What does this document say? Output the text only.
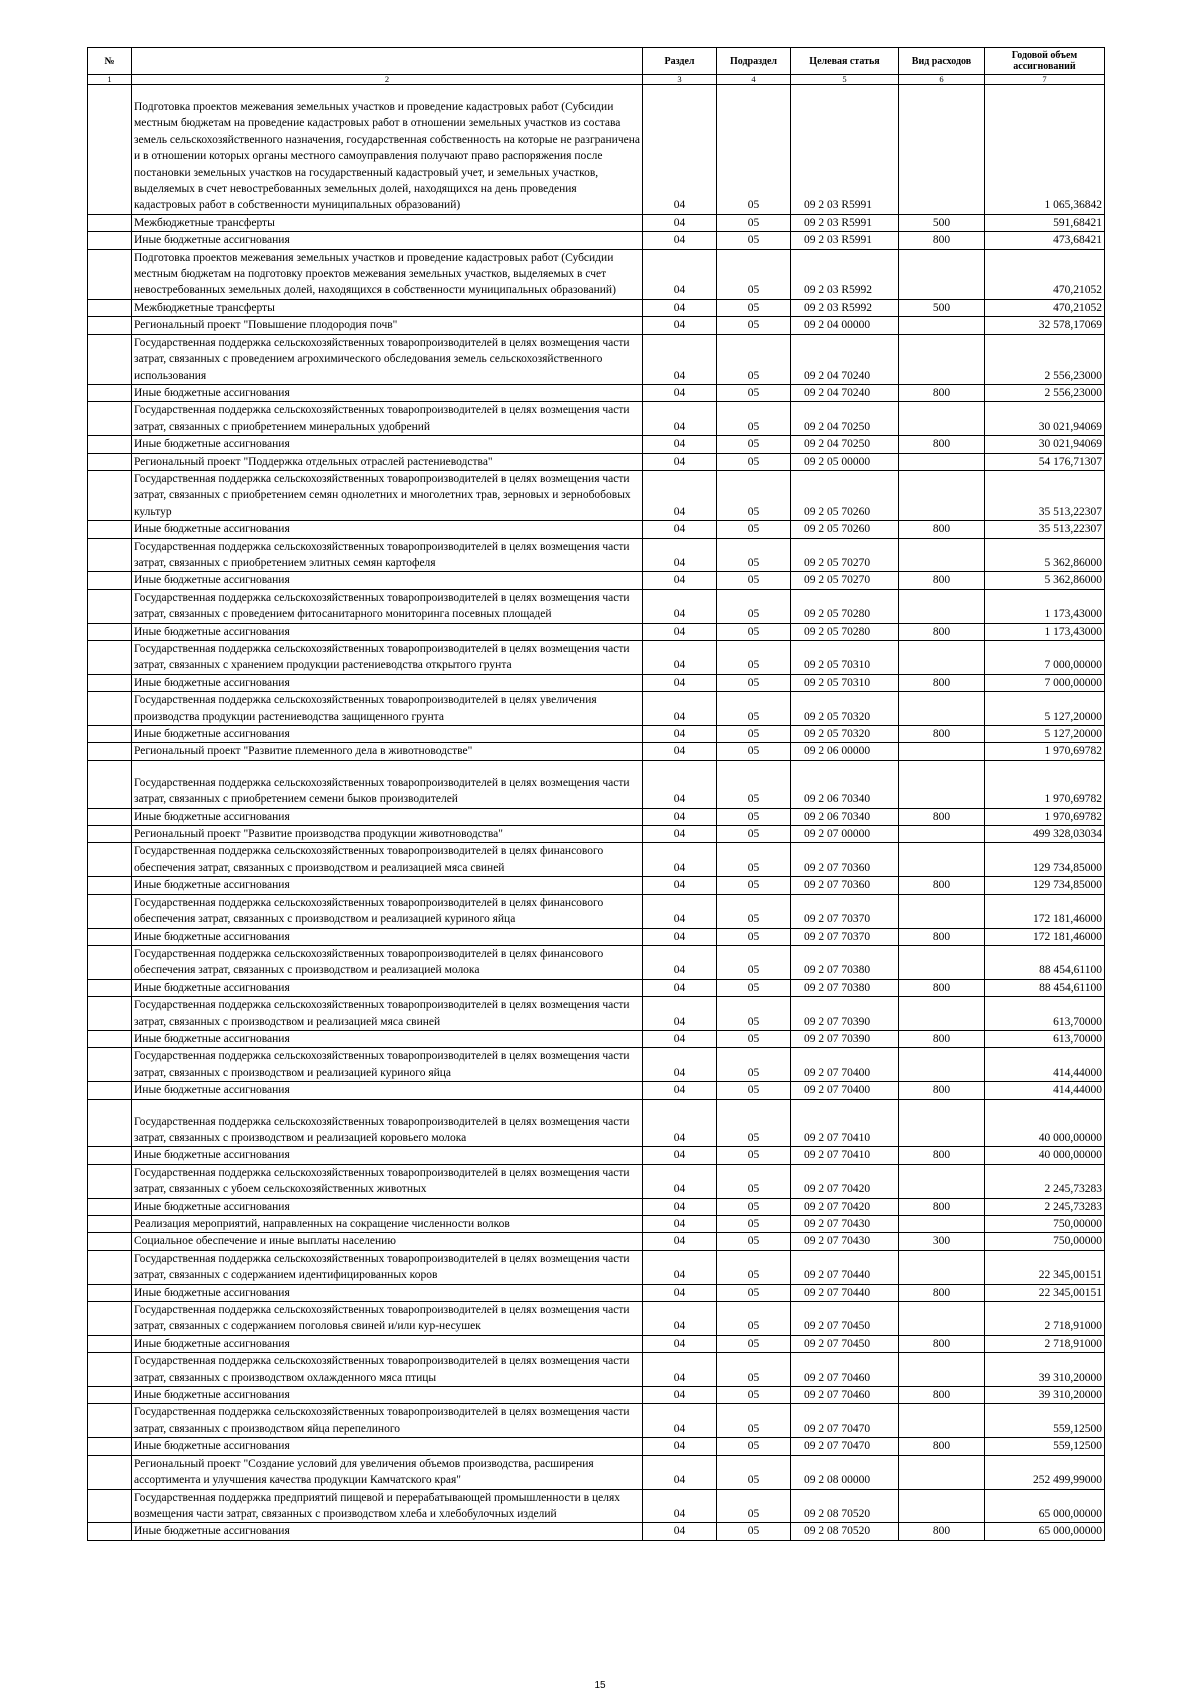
№		Раздел	Подраздел	Целевая статья	Вид расходов	Годовой объем ассигнований
1	2	3	4	5	6	7
	Подготовка проектов межевания земельных участков и проведение кадастровых работ (Субсидии местным бюджетам на проведение кадастровых работ в отношении земельных участков из состава земель сельскохозяйственного назначения, государственная собственность на которые не разграничена и в отношении которых органы местного самоуправления получают право распоряжения после постановки земельных участков на государственный кадастровый учет, и земельных участков, выделяемых в счет невостребованных земельных долей, находящихся на день проведения кадастровых работ в собственности муниципальных образований)	04	05	09 2 03 R5991		1 065,36842
	Межбюджетные трансферты	04	05	09 2 03 R5991	500	591,68421
	Иные бюджетные ассигнования	04	05	09 2 03 R5991	800	473,68421
	Подготовка проектов межевания земельных участков и проведение кадастровых работ (Субсидии местным бюджетам на подготовку проектов межевания земельных участков, выделяемых в счет невостребованных земельных долей, находящихся в собственности муниципальных образований)	04	05	09 2 03 R5992		470,21052
	Межбюджетные трансферты	04	05	09 2 03 R5992	500	470,21052
	Региональный проект "Повышение плодородия почв"	04	05	09 2 04 00000		32 578,17069
	Государственная поддержка сельскохозяйственных товаропроизводителей в целях возмещения части затрат, связанных с проведением агрохимического обследования земель сельскохозяйственного использования	04	05	09 2 04 70240		2 556,23000
	Иные бюджетные ассигнования	04	05	09 2 04 70240	800	2 556,23000
	Государственная поддержка сельскохозяйственных товаропроизводителей в целях возмещения части затрат, связанных с приобретением минеральных удобрений	04	05	09 2 04 70250		30 021,94069
	Иные бюджетные ассигнования	04	05	09 2 04 70250	800	30 021,94069
	Региональный проект "Поддержка отдельных отраслей растениеводства"	04	05	09 2 05 00000		54 176,71307
	Государственная поддержка сельскохозяйственных товаропроизводителей в целях возмещения части затрат, связанных с приобретением семян однолетних и многолетних трав, зерновых и зернобобовых культур	04	05	09 2 05 70260		35 513,22307
	Иные бюджетные ассигнования	04	05	09 2 05 70260	800	35 513,22307
	Государственная поддержка сельскохозяйственных товаропроизводителей в целях возмещения части затрат, связанных с приобретением элитных семян картофеля	04	05	09 2 05 70270		5 362,86000
	Иные бюджетные ассигнования	04	05	09 2 05 70270	800	5 362,86000
	Государственная поддержка сельскохозяйственных товаропроизводителей в целях возмещения части затрат, связанных с проведением фитосанитарного мониторинга посевных площадей	04	05	09 2 05 70280		1 173,43000
	Иные бюджетные ассигнования	04	05	09 2 05 70280	800	1 173,43000
	Государственная поддержка сельскохозяйственных товаропроизводителей в целях возмещения части затрат, связанных с хранением продукции растениеводства открытого грунта	04	05	09 2 05 70310		7 000,00000
	Иные бюджетные ассигнования	04	05	09 2 05 70310	800	7 000,00000
	Государственная поддержка сельскохозяйственных товаропроизводителей в целях увеличения производства продукции растениеводства защищенного грунта	04	05	09 2 05 70320		5 127,20000
	Иные бюджетные ассигнования	04	05	09 2 05 70320	800	5 127,20000
	Региональный проект "Развитие племенного дела в животноводстве"	04	05	09 2 06 00000		1 970,69782
	Государственная поддержка сельскохозяйственных товаропроизводителей в целях возмещения части затрат, связанных с приобретением семени быков производителей	04	05	09 2 06 70340		1 970,69782
	Иные бюджетные ассигнования	04	05	09 2 06 70340	800	1 970,69782
	Региональный проект "Развитие производства продукции животноводства"	04	05	09 2 07 00000		499 328,03034
	Государственная поддержка сельскохозяйственных товаропроизводителей в целях финансового обеспечения затрат, связанных с производством и реализацией мяса свиней	04	05	09 2 07 70360		129 734,85000
	Иные бюджетные ассигнования	04	05	09 2 07 70360	800	129 734,85000
	Государственная поддержка сельскохозяйственных товаропроизводителей в целях финансового обеспечения затрат, связанных с производством и реализацией куриного яйца	04	05	09 2 07 70370		172 181,46000
	Иные бюджетные ассигнования	04	05	09 2 07 70370	800	172 181,46000
	Государственная поддержка сельскохозяйственных товаропроизводителей в целях финансового обеспечения затрат, связанных с производством и реализацией молока	04	05	09 2 07 70380		88 454,61100
	Иные бюджетные ассигнования	04	05	09 2 07 70380	800	88 454,61100
	Государственная поддержка сельскохозяйственных товаропроизводителей в целях возмещения части затрат, связанных с производством и реализацией мяса свиней	04	05	09 2 07 70390		613,70000
	Иные бюджетные ассигнования	04	05	09 2 07 70390	800	613,70000
	Государственная поддержка сельскохозяйственных товаропроизводителей в целях возмещения части затрат, связанных с производством и реализацией куриного яйца	04	05	09 2 07 70400		414,44000
	Иные бюджетные ассигнования	04	05	09 2 07 70400	800	414,44000
	Государственная поддержка сельскохозяйственных товаропроизводителей в целях возмещения части затрат, связанных с производством и реализацией коровьего молока	04	05	09 2 07 70410		40 000,00000
	Иные бюджетные ассигнования	04	05	09 2 07 70410	800	40 000,00000
	Государственная поддержка сельскохозяйственных товаропроизводителей в целях возмещения части затрат, связанных с убоем сельскохозяйственных животных	04	05	09 2 07 70420		2 245,73283
	Иные бюджетные ассигнования	04	05	09 2 07 70420	800	2 245,73283
	Реализация мероприятий, направленных на сокращение численности волков	04	05	09 2 07 70430		750,00000
	Социальное обеспечение и иные выплаты населению	04	05	09 2 07 70430	300	750,00000
	Государственная поддержка сельскохозяйственных товаропроизводителей в целях возмещения части затрат, связанных с содержанием идентифицированных коров	04	05	09 2 07 70440		22 345,00151
	Иные бюджетные ассигнования	04	05	09 2 07 70440	800	22 345,00151
	Государственная поддержка сельскохозяйственных товаропроизводителей в целях возмещения части затрат, связанных с содержанием поголовья свиней и/или кур-несушек	04	05	09 2 07 70450		2 718,91000
	Иные бюджетные ассигнования	04	05	09 2 07 70450	800	2 718,91000
	Государственная поддержка сельскохозяйственных товаропроизводителей в целях возмещения части затрат, связанных с производством охлажденного мяса птицы	04	05	09 2 07 70460		39 310,20000
	Иные бюджетные ассигнования	04	05	09 2 07 70460	800	39 310,20000
	Государственная поддержка сельскохозяйственных товаропроизводителей в целях возмещения части затрат, связанных с производством яйца перепелиного	04	05	09 2 07 70470		559,12500
	Иные бюджетные ассигнования	04	05	09 2 07 70470	800	559,12500
	Региональный проект "Создание условий для увеличения объемов производства, расширения ассортимента и улучшения качества продукции Камчатского края"	04	05	09 2 08 00000		252 499,99000
	Государственная поддержка предприятий пищевой и перерабатывающей промышленности в целях возмещения части затрат, связанных с производством хлеба и хлебобулочных изделий	04	05	09 2 08 70520		65 000,00000
	Иные бюджетные ассигнования	04	05	09 2 08 70520	800	65 000,00000
15
